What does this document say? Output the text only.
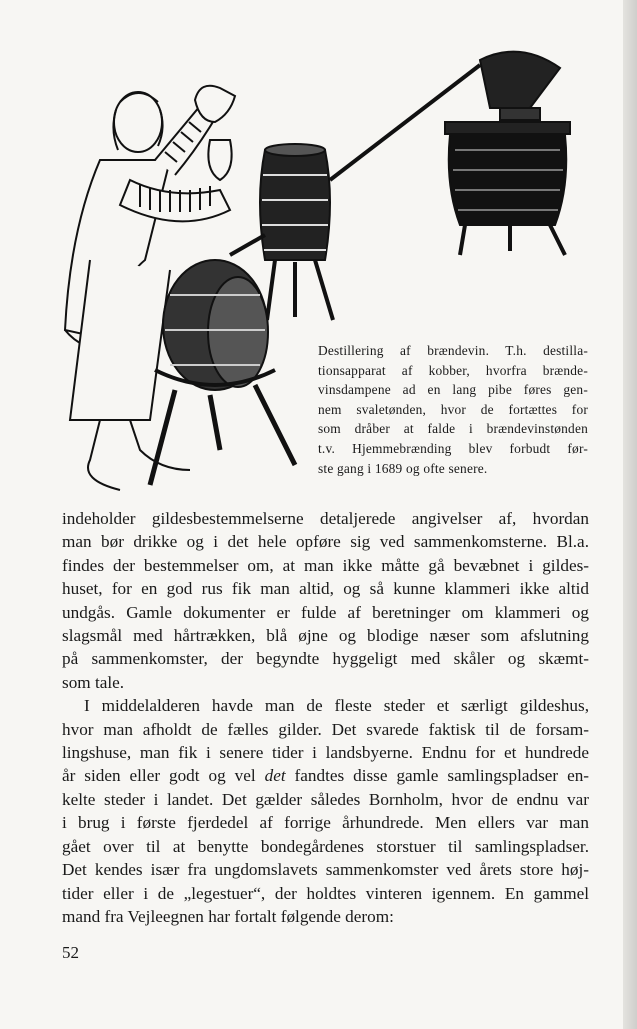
Destillering af brændevin. T.h. destilla-
tionsapparat af kobber, hvorfra brænde-
vinsdampene ad en lang pibe føres gen-
nem svaletønden, hvor de fortættes for
som dråber at falde i brændevinstønden
t.v. Hjemmebrænding blev forbudt før-
ste gang i 1689 og ofte senere.

indeholder gildesbestemmelserne detaljerede angivelser af, hvordan
man bør drikke og i det hele opføre sig ved sammenkomsterne. Bl.a.
findes der bestemmelser om, at man ikke måtte gå bevæbnet i gildes-
huset, for en god rus fik man altid, og så kunne klammeri ikke altid
undgås. Gamle dokumenter er fulde af beretninger om klammeri og
slagsmål med hårtrækken, blå øjne og blodige næser som afslutning
på sammenkomster, der begyndte hyggeligt med skåler og skæmt-
som tale.

I middelalderen havde man de fleste steder et særligt gildeshus,
hvor man afholdt de fælles gilder. Det svarede faktisk til de forsam-
lingshuse, man fik i senere tider i landsbyerne. Endnu for et hundrede
år siden eller godt og vel det fandtes disse gamle samlingspladser en-
kelte steder i landet. Det gælder således Bornholm, hvor de endnu var
i brug i første fjerdedel af forrige århundrede. Men ellers var man
gået over til at benytte bondegårdenes storstuer til samlingspladser.
Det kendes især fra ungdomslavets sammenkomster ved årets store høj-
tider eller i de „legestuer“, der holdtes vinteren igennem. En gammel
mand fra Vejleegnen har fortalt følgende derom:

52
